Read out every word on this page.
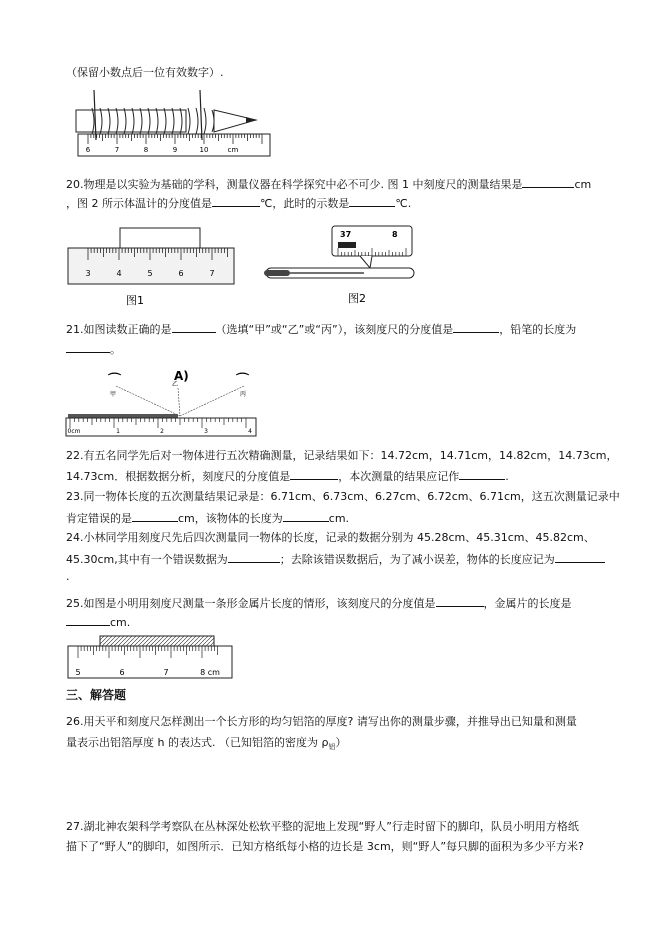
（保留小数点后一位有效数字）.
6	7	8	9	10	cm
20.物理是以实验为基础的学科，测量仪器在科学探究中必不可少. 图 1 中刻度尺的测量结果是	cm
，图 2 所示体温计的分度值是	℃，此时的示数是	℃.
3	4	5	6	7
图1
37	8
图2
21.如图读数正确的是	（选填“甲”或“乙”或“丙”），该刻度尺的分度值是	，铅笔的长度为
。
⌒
甲
A)
乙	⌒
丙
0cm	1	2	3	4
22.有五名同学先后对一物体进行五次精确测量，记录结果如下：14.72cm，14.71cm，14.82cm，14.73cm，
14.73cm．根据数据分析，刻度尺的分度值是	，本次测量的结果应记作	.
23.同一物体长度的五次测量结果记录是：6.71cm、6.73cm、6.27cm、6.72cm、6.71cm，这五次测量记录中
肯定错误的是	cm，该物体的长度为	cm.
24.小林同学用刻度尺先后四次测量同一物体的长度，记录的数据分别为 45.28cm、45.31cm、45.82cm、
45.30cm,其中有一个错误数据为	；去除该错误数据后，为了减小误差，物体的长度应记为
.
25.如图是小明用刻度尺测量一条形金属片长度的情形，该刻度尺的分度值是	，金属片的长度是
cm.
5	6	7	8 cm
三、解答题
26.用天平和刻度尺怎样测出一个长方形的均匀铝箔的厚度? 请写出你的测量步骤，并推导出已知量和测量
量表示出铝箔厚度 h 的表达式. （已知铝箔的密度为 $\rho_铝$）
27.湖北神农架科学考察队在丛林深处松软平整的泥地上发现“野人”行走时留下的脚印，队员小明用方格纸
描下了“野人”的脚印，如图所示．已知方格纸每小格的边长是 3cm，则“野人”每只脚的面积为多少平方米?
